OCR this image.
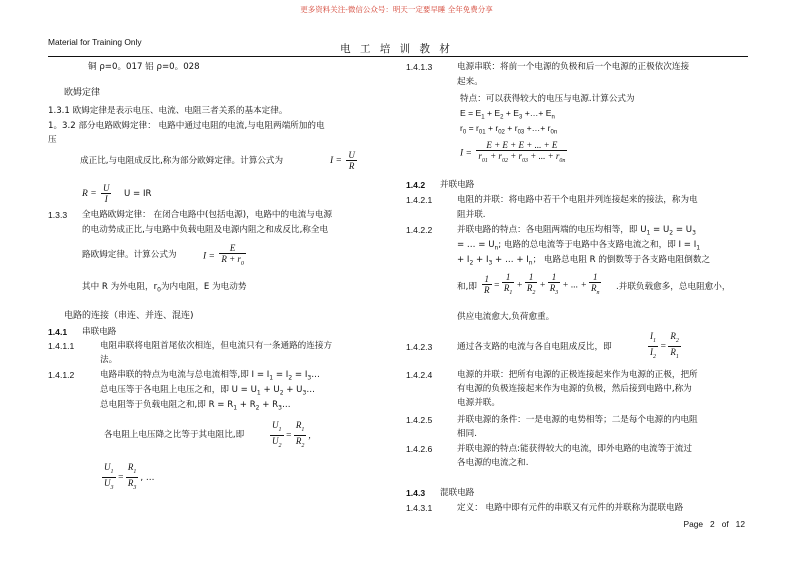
更多资料关注-微信公众号：明天一定要早睡 全年免费分享
Material for Training Only
电 工 培 训 教 材
铜 ρ=0。017 铝 ρ=0。028
欧姆定律
1.3.1 欧姆定律是表示电压、电流、电阻三者关系的基本定律。
1。3.2 部分电路欧姆定律： 电路中通过电阻的电流,与电阻两端所加的电
压
成正比,与电阻成反比,称为部分欧姆定律。计算公式为	$I = \frac{U}{R}$
$R = \frac{U}{I}$ U = IR
1.3.3 全电路欧姆定律： 在闭合电路中(包括电源)，电路中的电流与电源
的电动势成正比,与电路中负载电阻及电源内阻之和成反比,称全电
路欧姆定律。计算公式为	$I = \frac{E}{R + r_0}$
其中 R 为外电阻，$r_0$为内电阻，E 为电动势
电路的连接（串连、并连、混连)
1.4.1 串联电路
1.4.1.1	电阻串联将电阻首尾依次相连，但电流只有一条通路的连接方
法。
1.4.1.2	电路串联的特点为电流与总电流相等,即 $I = I_1 = I_2$ = $I_3\dots$
总电压等于各电阻上电压之和，即 $U = U_1 + U_2$ + $U_3\dots$
总电阻等于负载电阻之和,即 $R = R_1 + R_2$ + $R_3\dots$
各电阻上电压降之比等于其电阻比,即	$\frac{U_1}{U_2} = \frac{R_1}{R_2}$ ,
$\frac{U_1}{U_3} = \frac{R_1}{R_3}$ , …
1.4.1.3	电源串联：将前一个电源的负极和后一个电源的正极依次连接
起来。
特点：可以获得较大的电压与电源.计算公式为
$E = E_1 + E_2 + E_3$ +…+ $E_n$
$r_0 = r_{01} + r_{02} + r_{03}$ +…+ $r_{0n}$
$I = \frac{E + E + E + ... + E}{r_{01} + r_{02} + r_{03} + ... + r_{0n}}$
1.4.2 并联电路
1.4.2.1	电阻的并联：将电路中若干个电阻并列连接起来的接法，称为电
阻并联.
1.4.2.2	并联电路的特点：各电阻两端的电压均相等，即 $U_1 = U_2 = U_3$
= … = $U_n$; 电路的总电流等于电路中各支路电流之和，即 $I = I_1$
+ $I_2 + I_3$ + … + $I_n$； 电路总电阻 R 的倒数等于各支路电阻倒数之
和,即 $\frac{1}{R} = \frac{1}{R_1} + \frac{1}{R_2} + \frac{1}{R_3}$ + ... + $\frac{1}{R_n}$ .并联负载愈多，总电阻愈小，
供应电流愈大,负荷愈重。
1.4.2.3	通过各支路的电流与各自电阻成反比，即	$\frac{I_1}{I_2} = \frac{R_2}{R_1}$
1.4.2.4	电源的并联：把所有电源的正极连接起来作为电源的正极，把所
有电源的负极连接起来作为电源的负极，然后接到电路中,称为
电源并联。
1.4.2.5	并联电源的条件：一是电源的电势相等；二是每个电源的内电阻
相同.
1.4.2.6	并联电源的特点:能获得较大的电流，即外电路的电流等于流过
各电源的电流之和.
1.4.3 混联电路
1.4.3.1	定义： 电路中即有元件的串联又有元件的并联称为混联电路
Page 2 of 12
